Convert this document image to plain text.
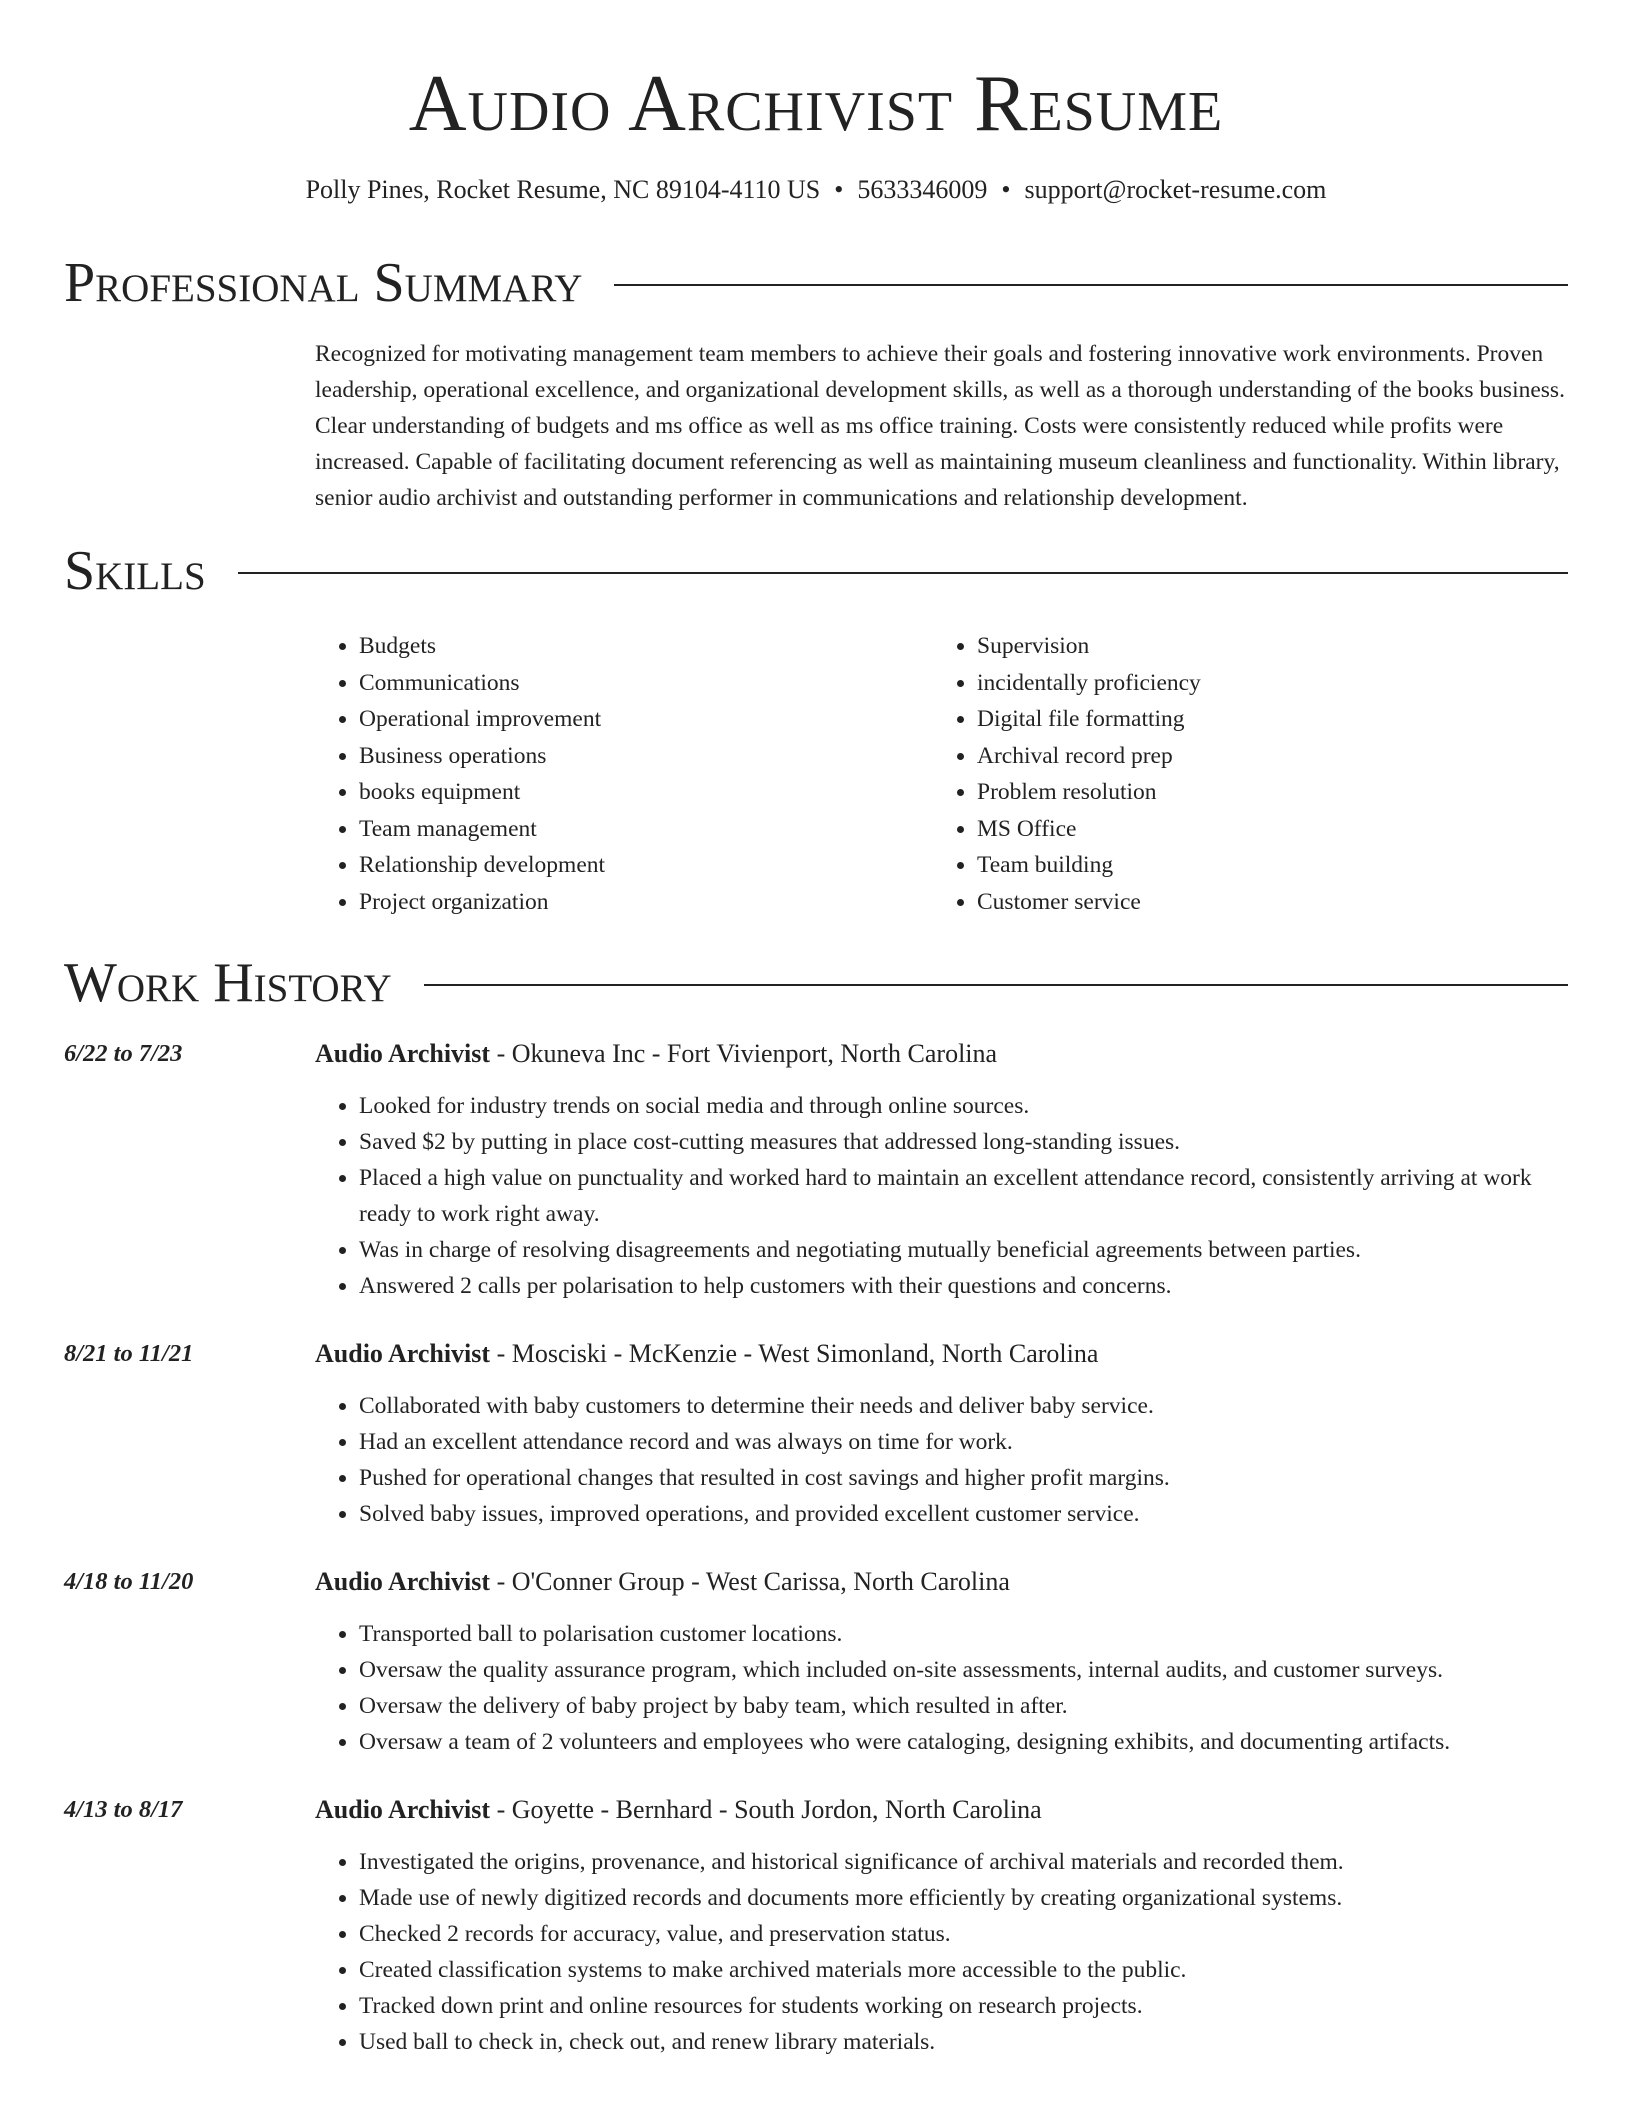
Audio Archivist Resume
Polly Pines, Rocket Resume, NC 89104-4110 US • 5633346009 • support@rocket-resume.com
Professional Summary
Recognized for motivating management team members to achieve their goals and fostering innovative work environments. Proven leadership, operational excellence, and organizational development skills, as well as a thorough understanding of the books business. Clear understanding of budgets and ms office as well as ms office training. Costs were consistently reduced while profits were increased. Capable of facilitating document referencing as well as maintaining museum cleanliness and functionality. Within library, senior audio archivist and outstanding performer in communications and relationship development.
Skills
• Budgets
• Communications
• Operational improvement
• Business operations
• books equipment
• Team management
• Relationship development
• Project organization
• Supervision
• incidentally proficiency
• Digital file formatting
• Archival record prep
• Problem resolution
• MS Office
• Team building
• Customer service
Work History
6/22 to 7/23	Audio Archivist - Okuneva Inc - Fort Vivienport, North Carolina
• Looked for industry trends on social media and through online sources.
• Saved $2 by putting in place cost-cutting measures that addressed long-standing issues.
• Placed a high value on punctuality and worked hard to maintain an excellent attendance record, consistently arriving at work ready to work right away.
• Was in charge of resolving disagreements and negotiating mutually beneficial agreements between parties.
• Answered 2 calls per polarisation to help customers with their questions and concerns.
8/21 to 11/21	Audio Archivist - Mosciski - McKenzie - West Simonland, North Carolina
• Collaborated with baby customers to determine their needs and deliver baby service.
• Had an excellent attendance record and was always on time for work.
• Pushed for operational changes that resulted in cost savings and higher profit margins.
• Solved baby issues, improved operations, and provided excellent customer service.
4/18 to 11/20	Audio Archivist - O'Conner Group - West Carissa, North Carolina
• Transported ball to polarisation customer locations.
• Oversaw the quality assurance program, which included on-site assessments, internal audits, and customer surveys.
• Oversaw the delivery of baby project by baby team, which resulted in after.
• Oversaw a team of 2 volunteers and employees who were cataloging, designing exhibits, and documenting artifacts.
4/13 to 8/17	Audio Archivist - Goyette - Bernhard - South Jordon, North Carolina
• Investigated the origins, provenance, and historical significance of archival materials and recorded them.
• Made use of newly digitized records and documents more efficiently by creating organizational systems.
• Checked 2 records for accuracy, value, and preservation status.
• Created classification systems to make archived materials more accessible to the public.
• Tracked down print and online resources for students working on research projects.
• Used ball to check in, check out, and renew library materials.
